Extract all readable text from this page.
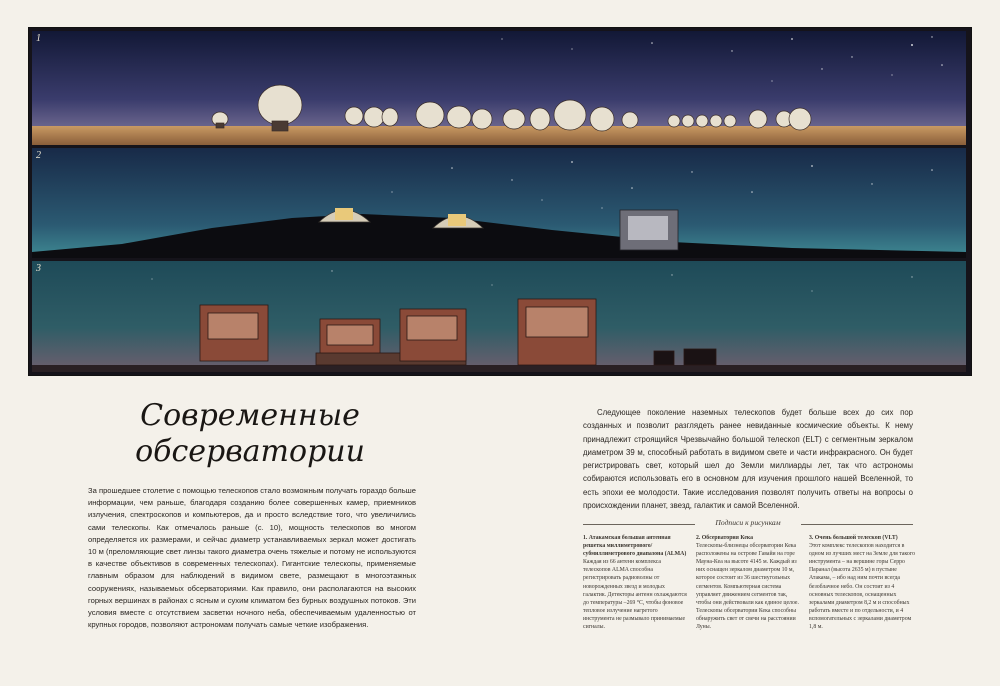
1
2
3
Современные
обсерватории
За прошедшее столетие с помощью телескопов стало возможным получать гораздо больше информации, чем раньше, благодаря созданию более совершенных камер, приемников излучения, спектроскопов и компьютеров, да и просто вследствие того, что увеличились сами телескопы. Как отмечалось раньше (с. 10), мощность телескопов во многом определяется их размерами, и сейчас диаметр устанавливаемых зеркал может достигать 10 м (преломляющие свет линзы такого диаметра очень тяжелые и потому не используются в качестве объективов в современных телескопах). Гигантские телескопы, применяемые главным образом для наблюдений в видимом свете, размещают в многоэтажных сооружениях, называемых обсерваториями. Как правило, они располагаются на высоких горных вершинах в районах с ясным и сухим климатом без бурных воздушных потоков. Эти условия вместе с отсутствием засветки ночного неба, обеспечиваемым удаленностью от крупных городов, позволяют астрономам получать самые четкие изображения.
Следующее поколение наземных телескопов будет больше всех до сих пор созданных и позволит разглядеть ранее невиданные космические объекты. К нему принадлежит строящийся Чрезвычайно большой телескоп (ELT) с сегментным зеркалом диаметром 39 м, способный работать в видимом свете и части инфракрасного. Он будет регистрировать свет, который шел до Земли миллиарды лет, так что астрономы собираются использовать его в основном для изучения прошлого нашей Вселенной, то есть эпохи ее молодости. Такие исследования позволят получить ответы на вопросы о происхождении планет, звезд, галактик и самой Вселенной.
Подписи к рисункам
1. Атакамская большая антенная решетка миллиметрового/субмиллиметрового диапазона (ALMA)
Каждая из 66 антенн комплекса телескопов ALMA способна регистрировать радиоволны от новорожденных звезд и молодых галактик. Детекторы антенн охлаждаются до температуры –269 °С, чтобы фоновое тепловое излучение нагретого инструмента не размывало принимаемые сигналы.
2. Обсерватория Кека
Телескопы-близнецы обсерватории Кека расположены на острове Гавайи на горе Мауна-Кеа на высоте 4145 м. Каждый из них оснащен зеркалом диаметром 10 м, которое состоит из 36 шестиугольных сегментов. Компьютерная система управляет движением сегментов так, чтобы они действовали как единое целое. Телескопы обсерватории Кека способны обнаружить свет от свечи на расстоянии Луны.
3. Очень большой телескоп (VLT)
Этот комплекс телескопов находится в одном из лучших мест на Земле для такого инструмента – на вершине горы Серро Паранал (высота 2635 м) в пустыне Атакама, – ибо над ним почти всегда безоблачное небо. Он состоит из 4 основных телескопов, оснащенных зеркалами диаметром 8,2 м и способных работать вместе и по отдельности, и 4 вспомогательных с зеркалами диаметром 1,8 м.
